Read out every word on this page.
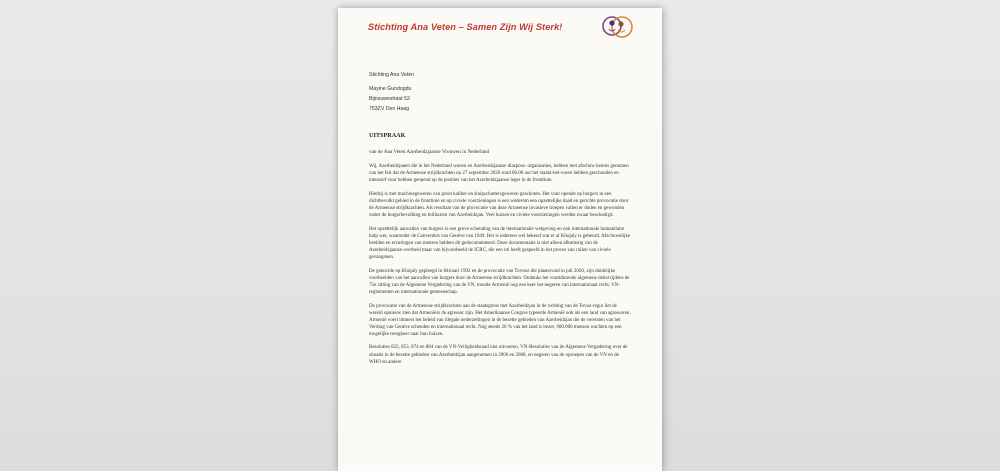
Stichting Ana Veten – Samen Zijn Wij Sterk!
Stichting Ana Vetėn
Mayine Gundogdu
Bijnsuwestraat 52
753ZV Den Haag
UITSPRAAK
van de Ana Veten Azerbeidzjaanse Vrouwen in Nederland

Wij, Azerbeidzjanen die in het Nederland wonen en Azerbeidzjaanse diaspora- organisaties, hebben met afschuw kennis genomen van het feit dat de Armeense strijdkrachten op 27 september 2020 rond 06.00 uur het staakt-het-vuren hebben geschonden en intensief vuur hebben geopend op de posities van het Azerbeidzjaanse leger in de frontlinie.

Hierbij is met machinegeweren van groot kaliber en sluipschuttersgeweren geschoten. Het vuur opende op burgers in een dichtbevolkt gebied in de frontlinie en op civiele voorzieningen is een wederom een opzettelijke daad en gerichte provocatie door de Armeense strijdkrachten. Als resultaat van de provocatie van deze Armeense invasieve troepen vallen er doden en gewonden onder de burgerbevolking en militairen van Azerbeidzjan. Veel huizen en civiele voorzieningen werden zwaar beschadigd.

Het opzettelijk aanvallen van burgers is een grove schending van de internationale wetgeving en ook internationale humanitaire hulp wet, waaronder de Conventies van Genève van 1949. Het is iedereen wel bekend wat er al Khojaly is gebeurd. Afschuwelijke beelden en ervaringen van mensen hebben dit gedocumenteerd. Deze documentatie is niet alleen afkomstig van de Azerbeidzjaanse overheid maar van bijvoorbeeld de ICRC, die een rol heeft gespeeld in het proces van ruilen van civiele gevangenen.

De genocide op Khojaly gepleegd in februari 1992 en de provocatie van Tovooz die plaatsvond in juli 2020, zijn duidelijke voorbeelden van het aanvallen van burgers door de Armeense strijdkrachten. Ondanks het voortdurende algemene debat tijdens de 75e zitting van de Algemene Vergadering van de VN, toonde Armenië nog een keer het negeren van internationaal recht, VN- reglementen en internationale gemeenschap.

De provocatie van de Armeense strijdkrachten aan de staatsgrens met Azerbeidzjan in de richting van de Tovuz-regio liet de wereld opnieuw zien dat Armeniërs de agressor zijn. Het Amerikaanse Congres typeerde Armenië ook als een land van agressoren. Armenië voert immers het beleid van illegale nederzettingen in de bezette gebieden van Azerbeidzjan die de vereisten van het Verdrag van Genève schenden en internationaal recht. Nog steeds 20 % van het land is bezet, 900.000 mensen wachten op een mogelijke terugkeer naar hun huizen.

Resoluties 822, 853, 874 en 884 van de VN-Veiligheidsraad niet uitvoeren, VN-Resoluties van de Algemene Vergadering over de situatie in de bezette gebieden van Azerbeidzjan aangenomen in 2006 en 2008, en negeren van de oproepen van de VN en de WHO en andere
